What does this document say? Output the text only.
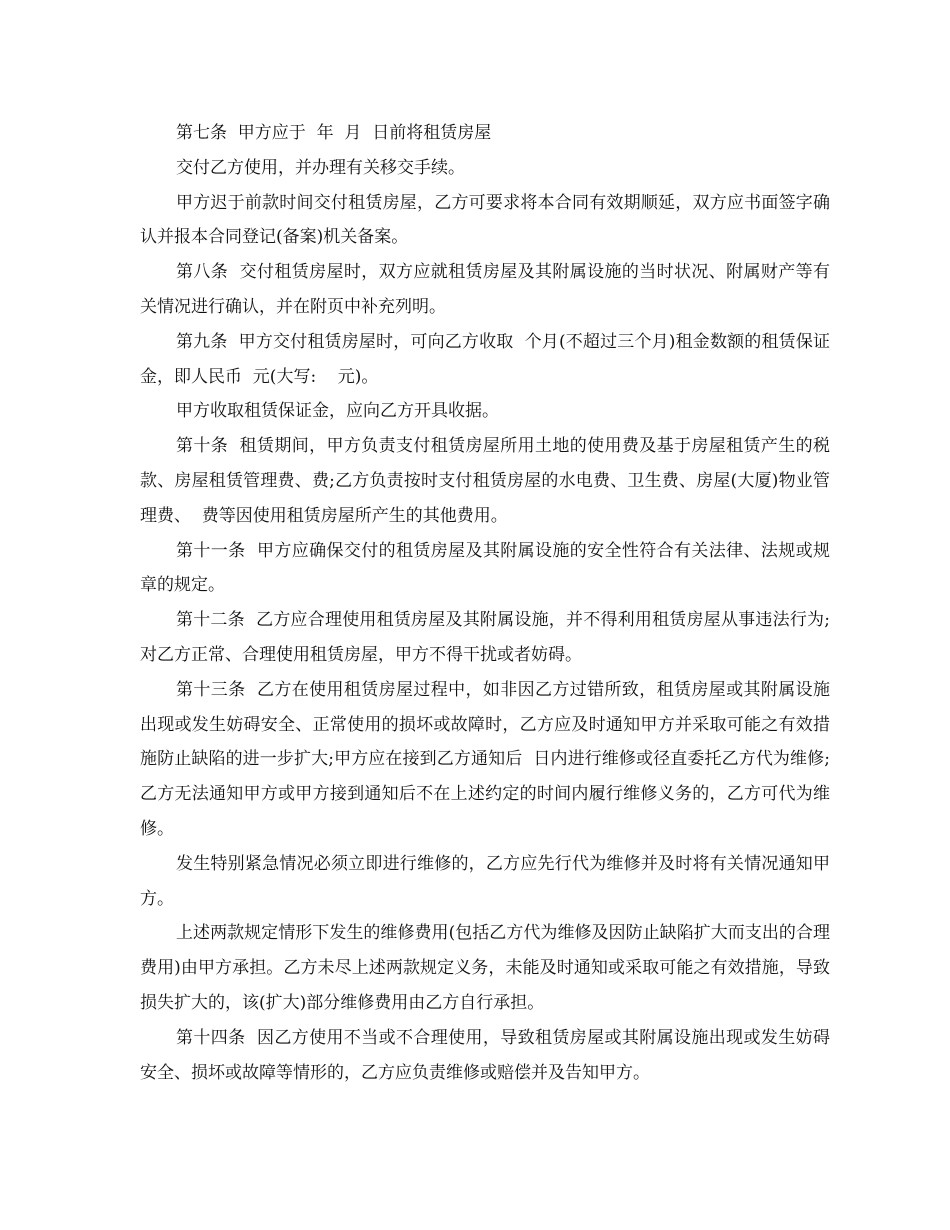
第七条  甲方应于  年  月  日前将租赁房屋

交付乙方使用，并办理有关移交手续。

甲方迟于前款时间交付租赁房屋，乙方可要求将本合同有效期顺延，双方应书面签字确认并报本合同登记(备案)机关备案。

第八条  交付租赁房屋时，双方应就租赁房屋及其附属设施的当时状况、附属财产等有关情况进行确认，并在附页中补充列明。

第九条  甲方交付租赁房屋时，可向乙方收取  个月(不超过三个月)租金数额的租赁保证金，即人民币  元(大写:    元)。

甲方收取租赁保证金，应向乙方开具收据。

第十条  租赁期间，甲方负责支付租赁房屋所用土地的使用费及基于房屋租赁产生的税款、房屋租赁管理费、费;乙方负责按时支付租赁房屋的水电费、卫生费、房屋(大厦)物业管理费、  费等因使用租赁房屋所产生的其他费用。

第十一条  甲方应确保交付的租赁房屋及其附属设施的安全性符合有关法律、法规或规章的规定。

第十二条  乙方应合理使用租赁房屋及其附属设施，并不得利用租赁房屋从事违法行为;对乙方正常、合理使用租赁房屋，甲方不得干扰或者妨碍。

第十三条  乙方在使用租赁房屋过程中，如非因乙方过错所致，租赁房屋或其附属设施出现或发生妨碍安全、正常使用的损坏或故障时，乙方应及时通知甲方并采取可能之有效措施防止缺陷的进一步扩大;甲方应在接到乙方通知后  日内进行维修或径直委托乙方代为维修;乙方无法通知甲方或甲方接到通知后不在上述约定的时间内履行维修义务的，乙方可代为维修。

发生特别紧急情况必须立即进行维修的，乙方应先行代为维修并及时将有关情况通知甲方。

上述两款规定情形下发生的维修费用(包括乙方代为维修及因防止缺陷扩大而支出的合理费用)由甲方承担。乙方未尽上述两款规定义务，未能及时通知或采取可能之有效措施，导致损失扩大的，该(扩大)部分维修费用由乙方自行承担。

第十四条  因乙方使用不当或不合理使用，导致租赁房屋或其附属设施出现或发生妨碍安全、损坏或故障等情形的，乙方应负责维修或赔偿并及告知甲方。
